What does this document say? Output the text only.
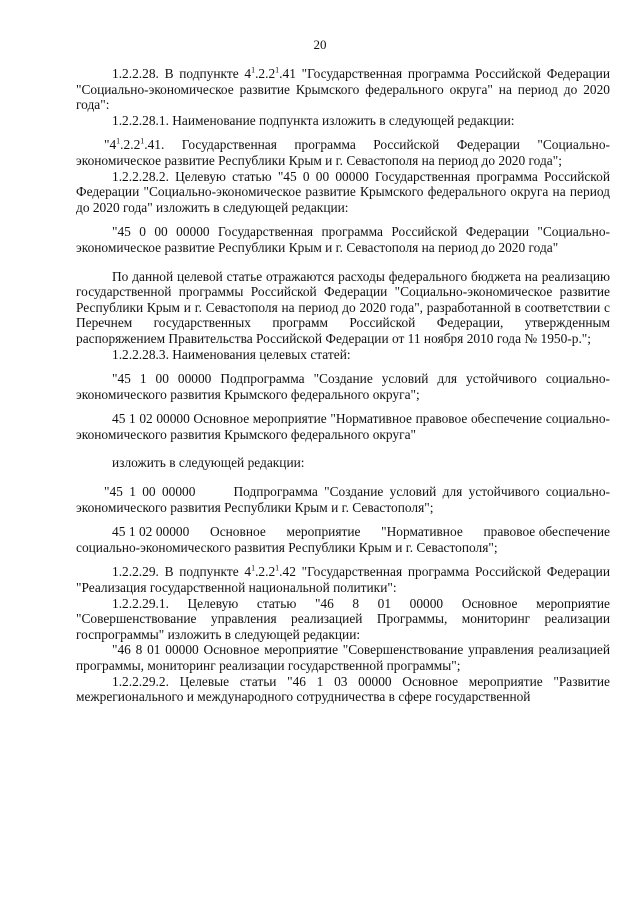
20

1.2.2.28. В подпункте $4^1.2.2^1.41$ "Государственная программа Российской Федерации "Социально-экономическое развитие Крымского федерального округа" на период до 2020 года":

1.2.2.28.1. Наименование подпункта изложить в следующей редакции:

"$4^1.2.2^1.41$. Государственная программа Российской Федерации "Социально-экономическое развитие Республики Крым и г. Севастополя на период до 2020 года";

1.2.2.28.2. Целевую статью "45 0 00 00000 Государственная программа Российской Федерации "Социально-экономическое развитие Крымского федерального округа на период до 2020 года" изложить в следующей редакции:

"45 0 00 00000 Государственная программа Российской Федерации "Социально-экономическое развитие Республики Крым и г. Севастополя на период до 2020 года"

По данной целевой статье отражаются расходы федерального бюджета на реализацию государственной программы Российской Федерации "Социально-экономическое развитие Республики Крым и г. Севастополя на период до 2020 года", разработанной в соответствии с Перечнем государственных программ Российской Федерации, утвержденным распоряжением Правительства Российской Федерации от 11 ноября 2010 года № 1950-р.";

1.2.2.28.3. Наименования целевых статей:

"45 1 00 00000 Подпрограмма "Создание условий для устойчивого социально-экономического развития Крымского федерального округа";

45 1 02 00000 Основное мероприятие "Нормативное правовое обеспечение социально-экономического развития Крымского федерального округа"

изложить в следующей редакции:

"45 1 00 00000      Подпрограмма "Создание условий для устойчивого социально-экономического развития Республики Крым и г. Севастополя";

45 1 02 00000      Основное      мероприятие      "Нормативное      правовое обеспечение социально-экономического развития Республики Крым и г. Севастополя";

1.2.2.29. В подпункте $4^1.2.2^1.42$ "Государственная программа Российской Федерации "Реализация государственной национальной политики":

1.2.2.29.1. Целевую статью "46 8 01 00000 Основное мероприятие "Совершенствование управления реализацией Программы, мониторинг реализации госпрограммы" изложить в следующей редакции:

"46 8 01 00000 Основное мероприятие "Совершенствование управления реализацией программы, мониторинг реализации государственной программы";

1.2.2.29.2. Целевые статьи "46 1 03 00000 Основное мероприятие "Развитие межрегионального и международного сотрудничества в сфере государственной
